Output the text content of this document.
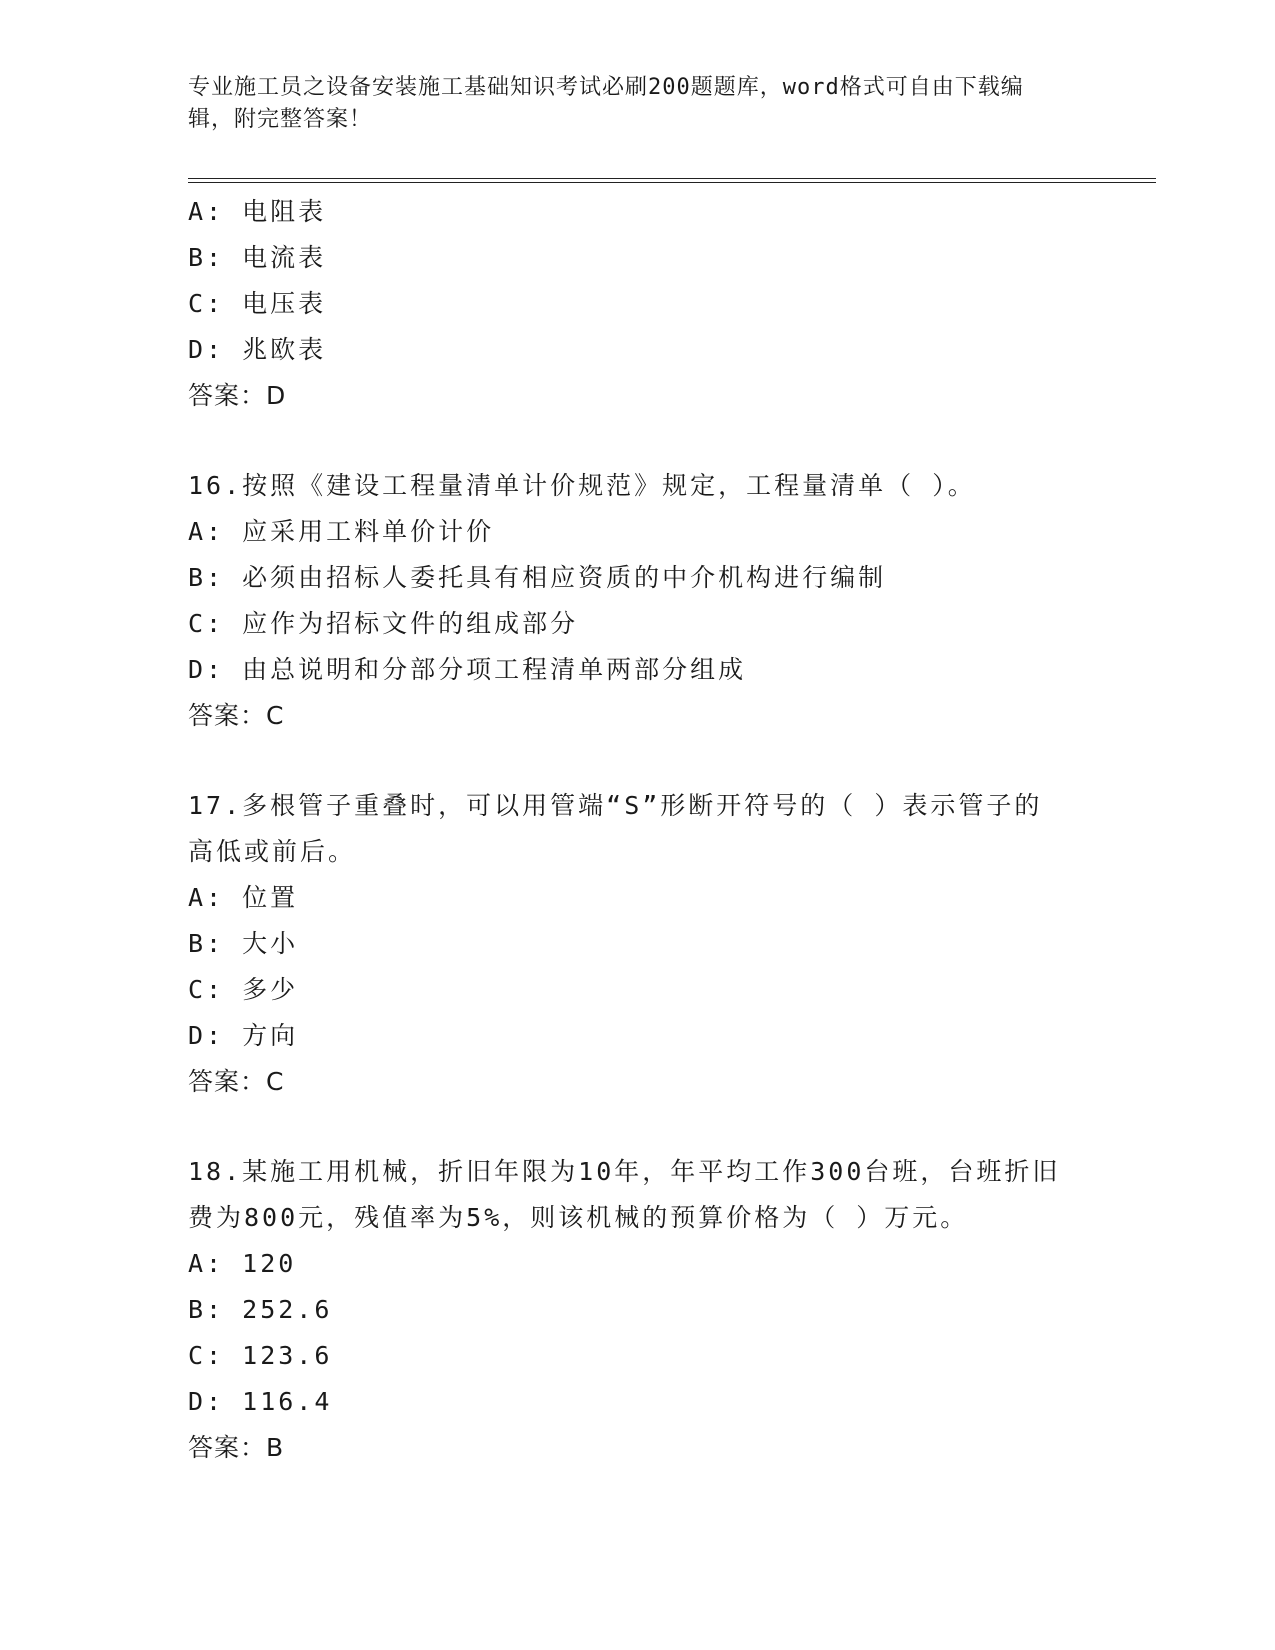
专业施工员之设备安装施工基础知识考试必刷200题题库，word格式可自由下载编辑，附完整答案！
A: 电阻表
B: 电流表
C: 电压表
D: 兆欧表
答案：D
16.按照《建设工程量清单计价规范》规定，工程量清单（ ）。
A: 应采用工料单价计价
B: 必须由招标人委托具有相应资质的中介机构进行编制
C: 应作为招标文件的组成部分
D: 由总说明和分部分项工程清单两部分组成
答案：C
17.多根管子重叠时，可以用管端“S”形断开符号的（ ）表示管子的高低或前后。
A: 位置
B: 大小
C: 多少
D: 方向
答案：C
18.某施工用机械，折旧年限为10年，年平均工作300台班，台班折旧费为800元，残值率为5%，则该机械的预算价格为（ ）万元。
A: 120
B: 252.6
C: 123.6
D: 116.4
答案：B
